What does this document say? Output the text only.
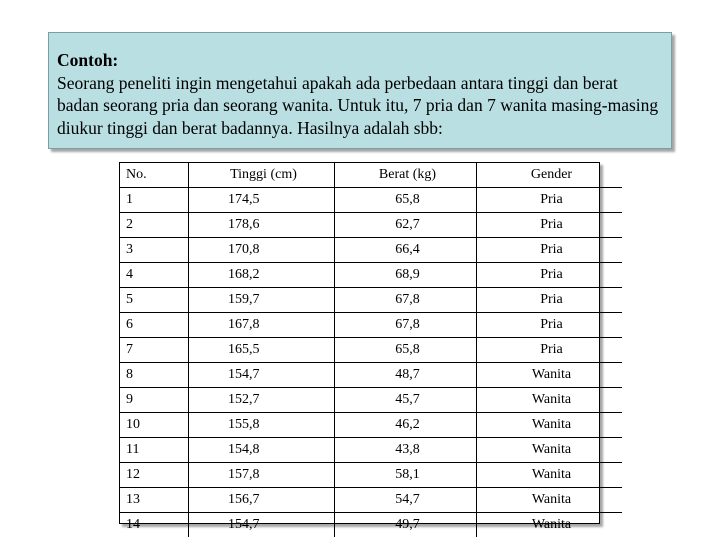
Contoh:
Seorang peneliti ingin mengetahui apakah ada perbedaan antara tinggi dan berat badan seorang pria dan seorang wanita. Untuk itu, 7 pria dan 7 wanita masing-masing diukur tinggi dan berat badannya. Hasilnya adalah sbb:
No.	Tinggi (cm)	Berat (kg)	Gender
1	174,5	65,8	Pria
2	178,6	62,7	Pria
3	170,8	66,4	Pria
4	168,2	68,9	Pria
5	159,7	67,8	Pria
6	167,8	67,8	Pria
7	165,5	65,8	Pria
8	154,7	48,7	Wanita
9	152,7	45,7	Wanita
10	155,8	46,2	Wanita
11	154,8	43,8	Wanita
12	157,8	58,1	Wanita
13	156,7	54,7	Wanita
14	154,7	49,7	Wanita
